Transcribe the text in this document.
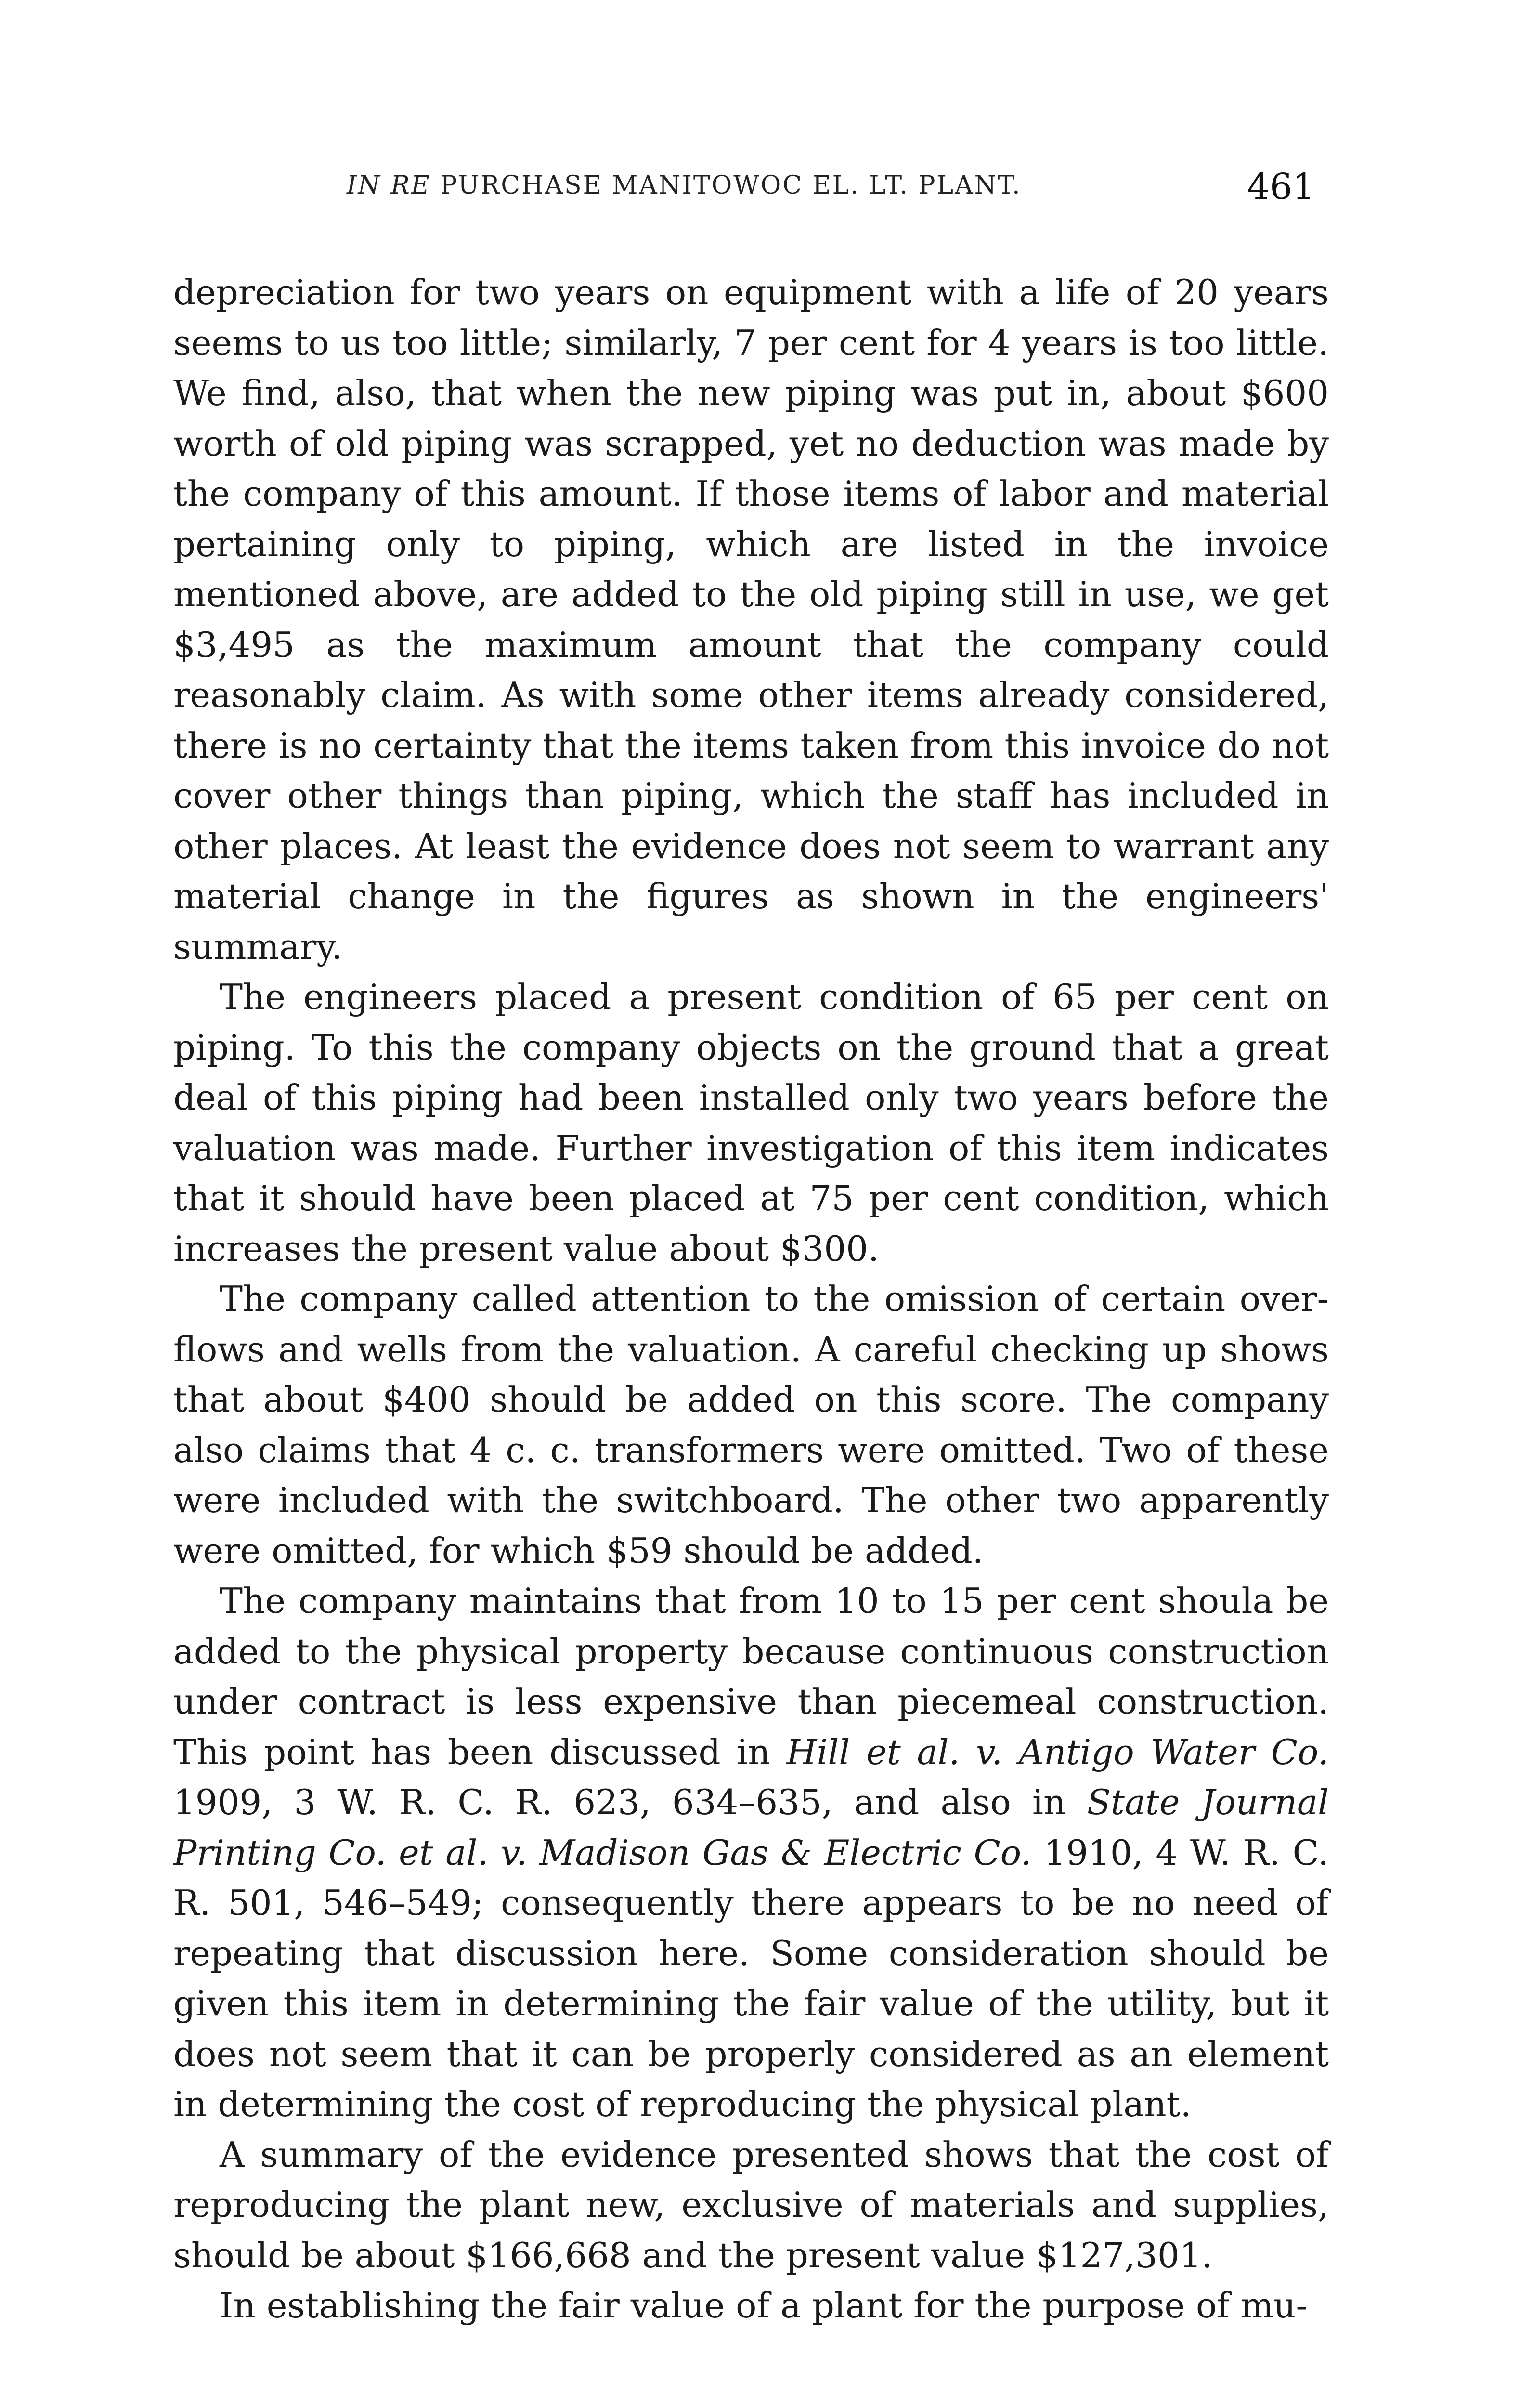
IN RE PURCHASE MANITOWOC EL. LT. PLANT.	461

depreciation for two years on equipment with a life of 20 years seems to us too little; similarly, 7 per cent for 4 years is too little. We find, also, that when the new piping was put in, about $600 worth of old piping was scrapped, yet no deduction was made by the company of this amount. If those items of labor and material pertaining only to piping, which are listed in the invoice mentioned above, are added to the old piping still in use, we get $3,495 as the maximum amount that the company could reasonably claim. As with some other items already considered, there is no certainty that the items taken from this invoice do not cover other things than piping, which the staff has included in other places. At least the evidence does not seem to warrant any material change in the figures as shown in the engineers' summary.

The engineers placed a present condition of 65 per cent on piping. To this the company objects on the ground that a great deal of this piping had been installed only two years before the valuation was made. Further investigation of this item indicates that it should have been placed at 75 per cent condition, which increases the present value about $300.

The company called attention to the omission of certain overflows and wells from the valuation. A careful checking up shows that about $400 should be added on this score. The company also claims that 4 c. c. transformers were omitted. Two of these were included with the switchboard. The other two apparently were omitted, for which $59 should be added.

The company maintains that from 10 to 15 per cent shoula be added to the physical property because continuous construction under contract is less expensive than piecemeal construction. This point has been discussed in Hill et al. v. Antigo Water Co. 1909, 3 W. R. C. R. 623, 634–635, and also in State Journal Printing Co. et al. v. Madison Gas & Electric Co. 1910, 4 W. R. C. R. 501, 546–549; consequently there appears to be no need of repeating that discussion here. Some consideration should be given this item in determining the fair value of the utility, but it does not seem that it can be properly considered as an element in determining the cost of reproducing the physical plant.

A summary of the evidence presented shows that the cost of reproducing the plant new, exclusive of materials and supplies, should be about $166,668 and the present value $127,301.

In establishing the fair value of a plant for the purpose of mu-
